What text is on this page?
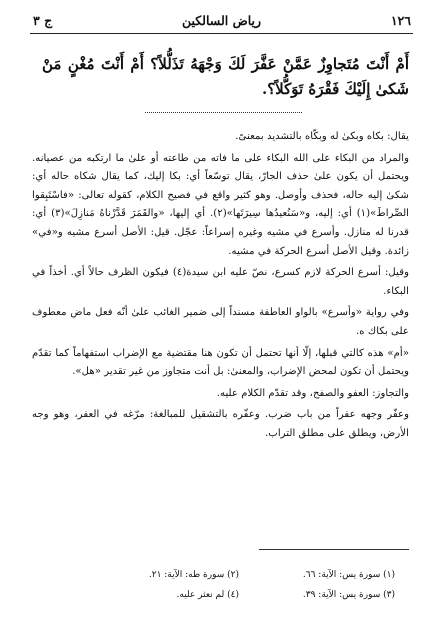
١٢٦
رياض السالكين
ج ٣
أَمْ أَنْتَ مُتَجاوِزٌ عَمَّنْ عَفَّرَ لَكَ وَجْهَهُ تَذَلُّلاً؟ أَمْ أَنْتَ مُغْنٍ مَنْ شَكىٰ إِلَيْكَ فَقْرَهُ تَوَكُّلاً؟.

يقال: بكاه وبكىٰ له وبكّاه بالتشديد بمعنىً.

والمراد من البكاء على الله البكاء على ما فاته من طاعته أو علىٰ ما ارتكبه من عصيانه. ويحتمل أن يكون علىٰ حذف الجارّ، يقال توسّعاً أي: بكا إليك، كما يقال شكاه حاله أي: شكىٰ إليه حاله، فحذف وأوصل. وهو كثير واقع في فصيح الكلام، كقوله تعالى: «فاسْتَبِقوا الصِّراطَ»(١) أي: إليه، و«سَنُعيدُها سِيرَتَها»(٢). أي إليها، «والقَمَرَ قَدَّرْناهُ مَنازِلَ»(٣) أي: قدرنا له منازل. وأسرع في مشيه وغيره إسراعاً: عجّل. قيل: الأصل أسرع مشيه و«في» زائدة. وقيل الأصل أسرع الحركة في مشيه.

وقيل: أسرع الحركة لازم كسرع، نصّ عليه ابن سيدة(٤) فيكون الظرف حالاً أي. أخذاً في البكاء.

وفي رواية «وأسرع» بالواو العاطفة مسنداً إلى ضمير الغائب علىٰ أنّه فعل ماض معطوف على بكاك ه.

«أم» هذه كالتي قبلها، إلّا أنها تحتمل أن تكون هنا مقتضية مع الإضراب استفهاماً كما تقدّم ويحتمل أن تكون لمحض الإضراب، والمعنىٰ: بل أنت متجاوز من غير تقدير «هل».

والتجاوز: العفو والصفح، وقد تقدّم الكلام عليه.

وعفّر وجهه عفراً من باب ضرب. وعفّره بالتشقيل للمبالغة: مرّغه في العفر، وهو وجه الأرض، ويطلق على مطلق التراب.

(١) سورة يس: الآية: ٦٦.
(٢) سورة طه: الآية: ٢١.
(٣) سورة يس: الآية: ٣٩.
(٤) لم نعثر عليه.
